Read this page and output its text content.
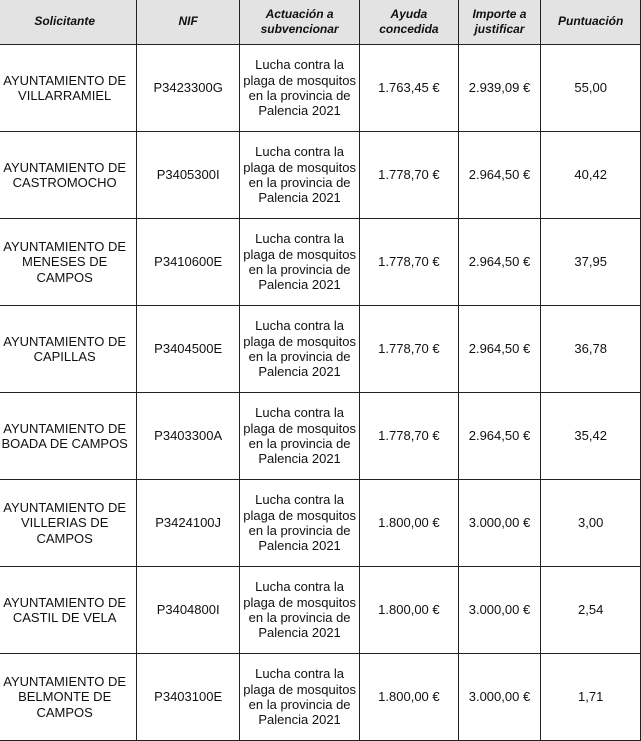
Solicitante	NIF	Actuación a subvencionar	Ayuda concedida	Importe a justificar	Puntuación
AYUNTAMIENTO DE VILLARRAMIEL	P3423300G	Lucha contra la plaga de mosquitos en la provincia de Palencia 2021	1.763,45 €	2.939,09 €	55,00
AYUNTAMIENTO DE CASTROMOCHO	P3405300I	Lucha contra la plaga de mosquitos en la provincia de Palencia 2021	1.778,70 €	2.964,50 €	40,42
AYUNTAMIENTO DE MENESES DE CAMPOS	P3410600E	Lucha contra la plaga de mosquitos en la provincia de Palencia 2021	1.778,70 €	2.964,50 €	37,95
AYUNTAMIENTO DE CAPILLAS	P3404500E	Lucha contra la plaga de mosquitos en la provincia de Palencia 2021	1.778,70 €	2.964,50 €	36,78
AYUNTAMIENTO DE BOADA DE CAMPOS	P3403300A	Lucha contra la plaga de mosquitos en la provincia de Palencia 2021	1.778,70 €	2.964,50 €	35,42
AYUNTAMIENTO DE VILLERIAS DE CAMPOS	P3424100J	Lucha contra la plaga de mosquitos en la provincia de Palencia 2021	1.800,00 €	3.000,00 €	3,00
AYUNTAMIENTO DE CASTIL DE VELA	P3404800I	Lucha contra la plaga de mosquitos en la provincia de Palencia 2021	1.800,00 €	3.000,00 €	2,54
AYUNTAMIENTO DE BELMONTE DE CAMPOS	P3403100E	Lucha contra la plaga de mosquitos en la provincia de Palencia 2021	1.800,00 €	3.000,00 €	1,71
